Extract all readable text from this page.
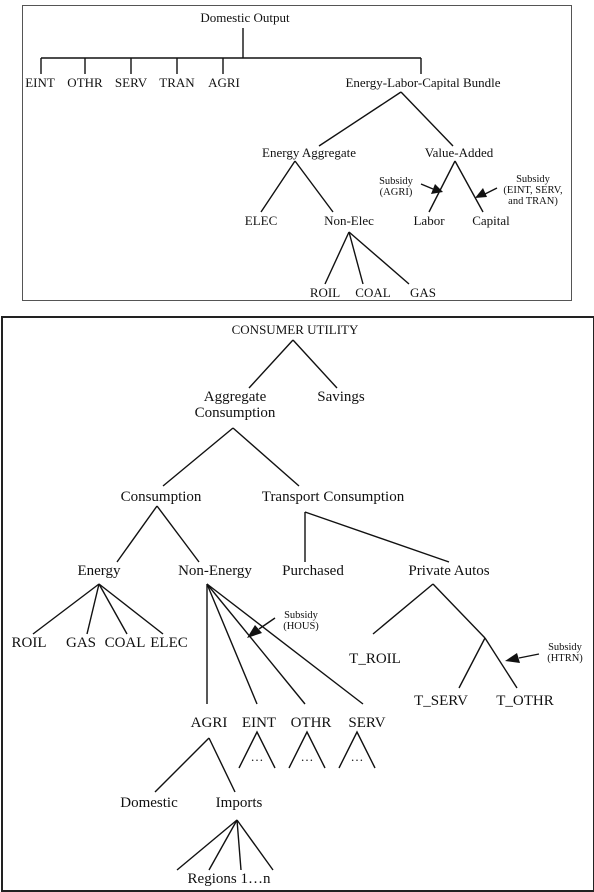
Domestic Output
EINT OTHR SERV TRAN AGRI	Energy-Labor-Capital Bundle
Energy Aggregate	Value-Added
ELEC	Non-Elec	Labor Capital
ROIL COAL GAS
Subsidy
(AGRI)
Subsidy
(EINT, SERV,
and TRAN)
CONSUMER UTILITY
Aggregate
Consumption
Savings
Consumption	Transport Consumption
Energy	Non-Energy Purchased	Private Autos
ROIL GAS COAL ELEC
Subsidy
(HOUS)
T_ROIL
Subsidy
(HTRN)
T_SERV T_OTHR
AGRI EINT OTHR SERV
…	…	…
Domestic	Imports
Regions 1…n
